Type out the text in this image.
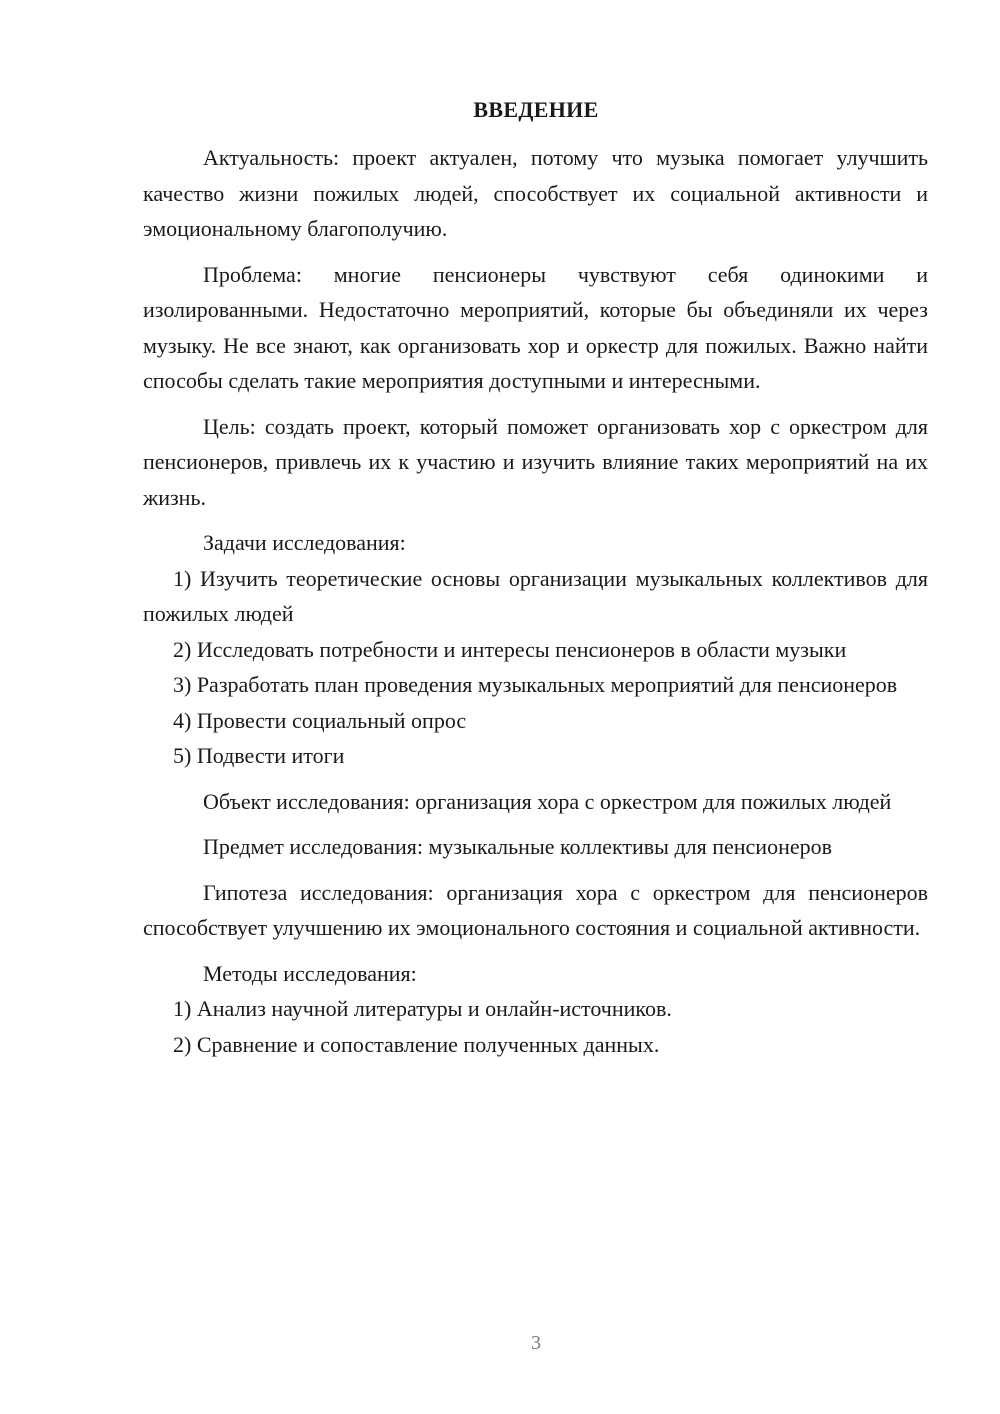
ВВЕДЕНИЕ

Актуальность: проект актуален, потому что музыка помогает улучшить качество жизни пожилых людей, способствует их социальной активности и эмоциональному благополучию.

Проблема: многие пенсионеры чувствуют себя одинокими и изолированными. Недостаточно мероприятий, которые бы объединяли их через музыку. Не все знают, как организовать хор и оркестр для пожилых. Важно найти способы сделать такие мероприятия доступными и интересными.

Цель: создать проект, который поможет организовать хор с оркестром для пенсионеров, привлечь их к участию и изучить влияние таких мероприятий на их жизнь.

Задачи исследования:

1) Изучить теоретические основы организации музыкальных коллективов для пожилых людей

2) Исследовать потребности и интересы пенсионеров в области музыки

3) Разработать план проведения музыкальных мероприятий для пенсионеров

4) Провести социальный опрос

5) Подвести итоги

Объект исследования: организация хора с оркестром для пожилых людей

Предмет исследования: музыкальные коллективы для пенсионеров

Гипотеза исследования: организация хора с оркестром для пенсионеров способствует улучшению их эмоционального состояния и социальной активности.

Методы исследования:

1) Анализ научной литературы и онлайн-источников.

2) Сравнение и сопоставление полученных данных.

3
